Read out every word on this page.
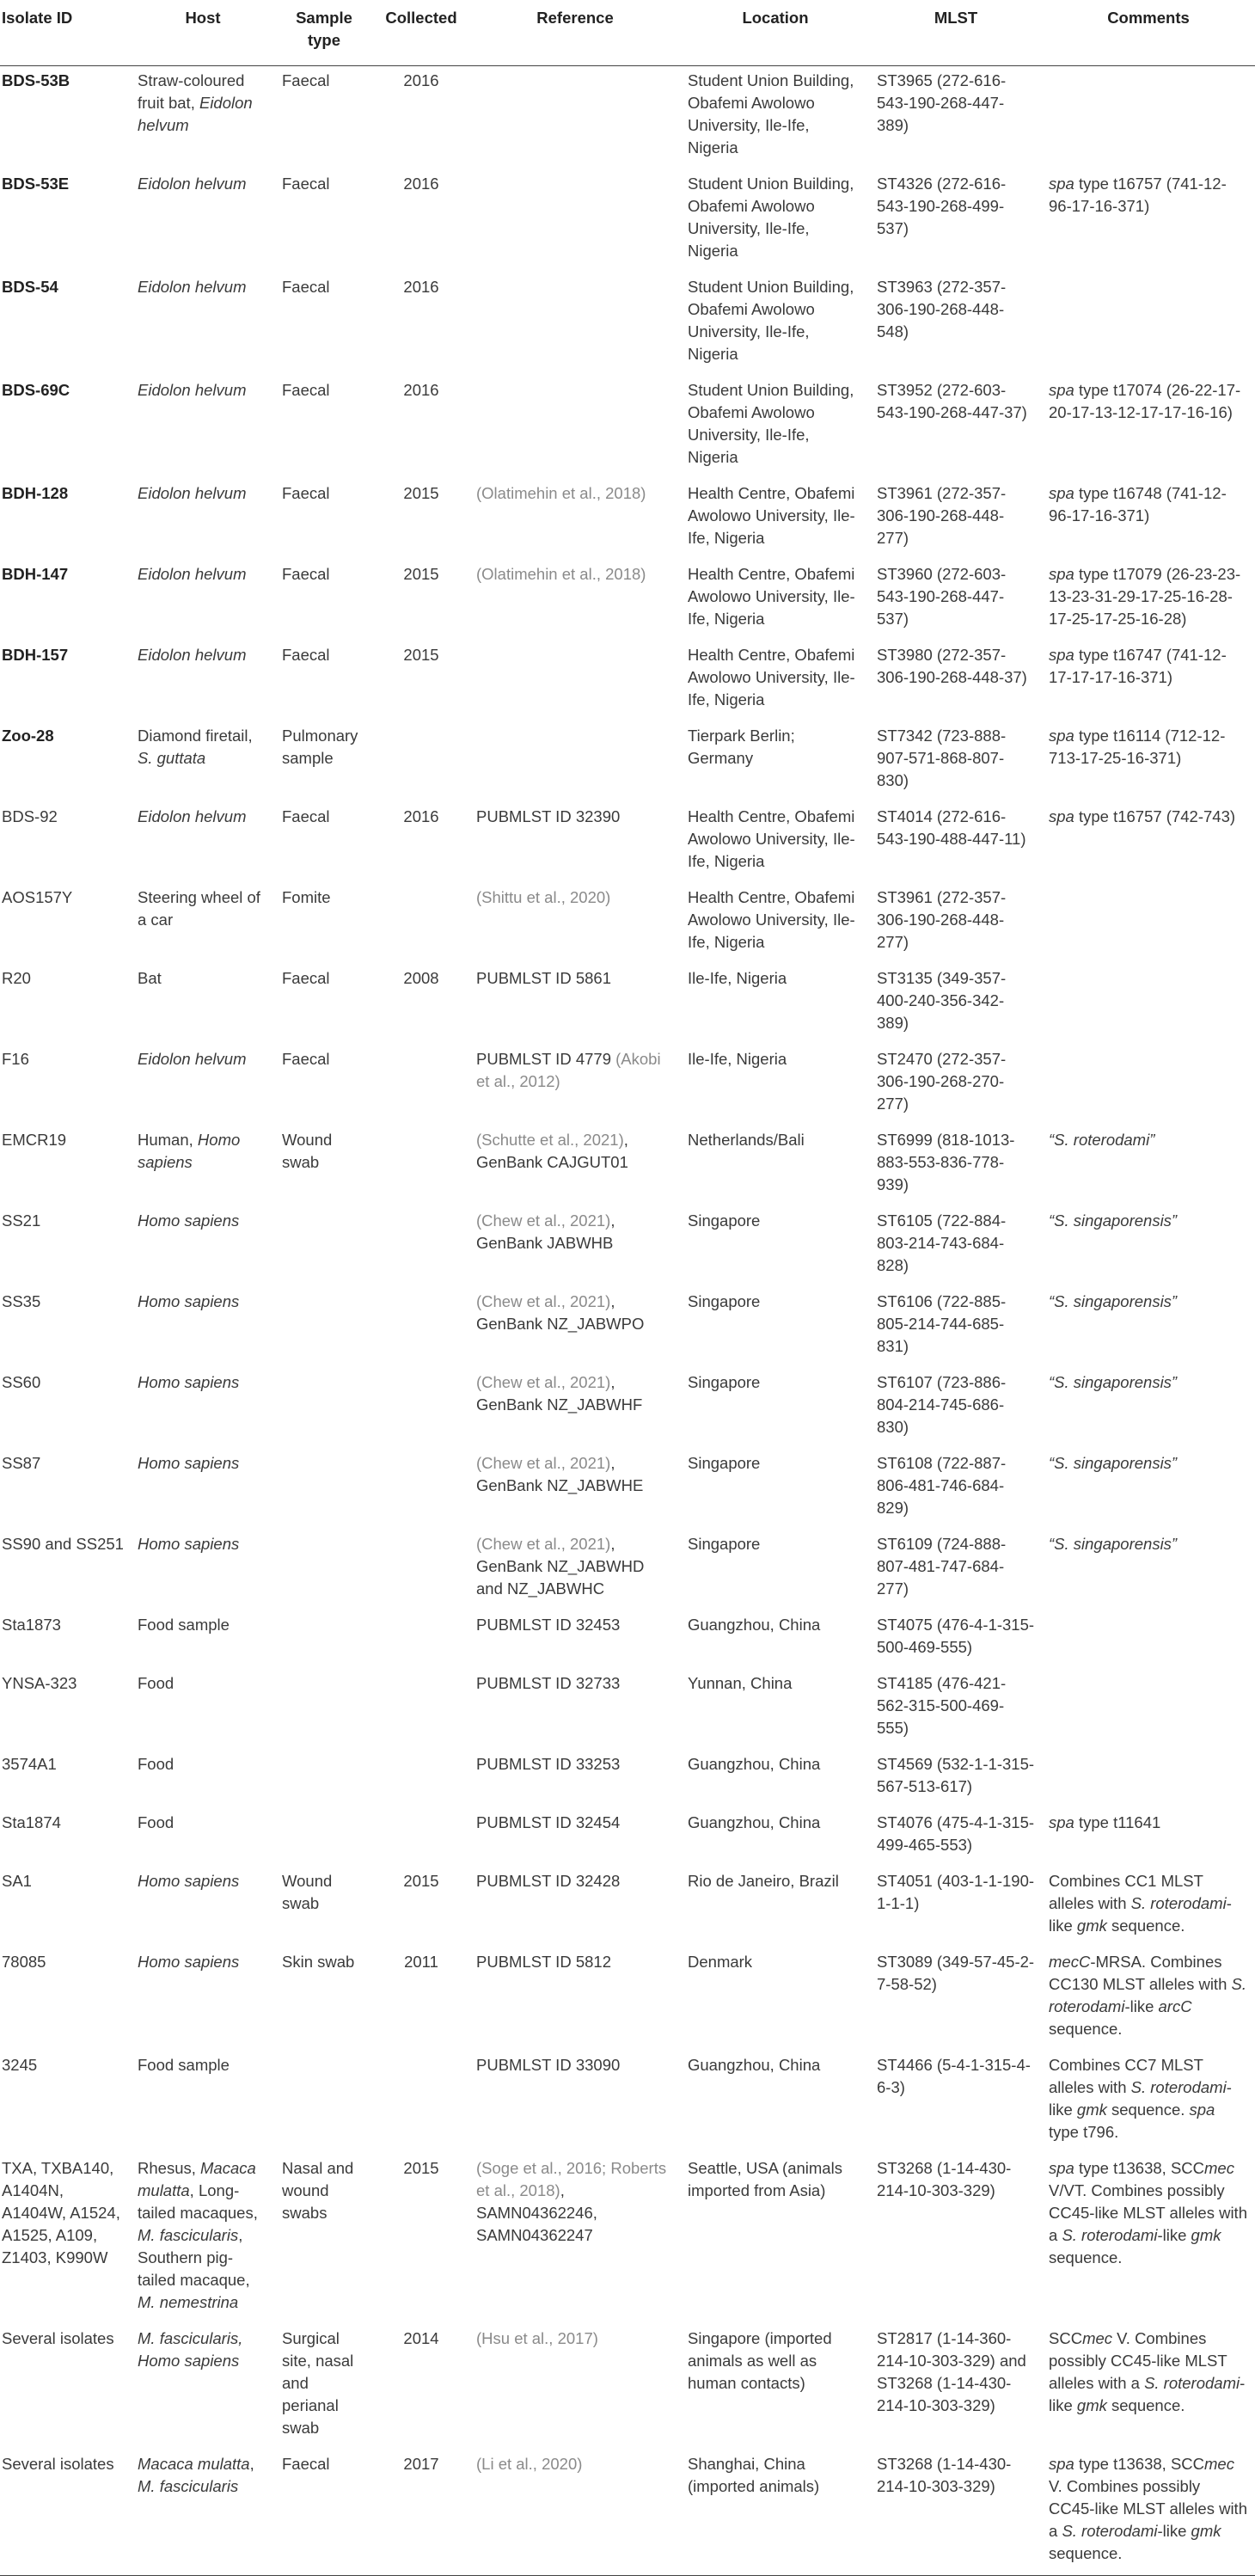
Isolate ID	Host	Sample type	Collected	Reference	Location	MLST	Comments
BDS-53B	Straw-coloured fruit bat, Eidolon helvum	Faecal	2016		Student Union Building, Obafemi Awolowo University, Ile-Ife, Nigeria	ST3965 (272-616-543-190-268-447-389)	
BDS-53E	Eidolon helvum	Faecal	2016		Student Union Building, Obafemi Awolowo University, Ile-Ife, Nigeria	ST4326 (272-616-543-190-268-499-537)	spa type t16757 (741-12-96-17-16-371)
BDS-54	Eidolon helvum	Faecal	2016		Student Union Building, Obafemi Awolowo University, Ile-Ife, Nigeria	ST3963 (272-357-306-190-268-448-548)	
BDS-69C	Eidolon helvum	Faecal	2016		Student Union Building, Obafemi Awolowo University, Ile-Ife, Nigeria	ST3952 (272-603-543-190-268-447-37)	spa type t17074 (26-22-17-20-17-13-12-17-17-16-16)
BDH-128	Eidolon helvum	Faecal	2015	(Olatimehin et al., 2018)	Health Centre, Obafemi Awolowo University, Ile-Ife, Nigeria	ST3961 (272-357-306-190-268-448-277)	spa type t16748 (741-12-96-17-16-371)
BDH-147	Eidolon helvum	Faecal	2015	(Olatimehin et al., 2018)	Health Centre, Obafemi Awolowo University, Ile-Ife, Nigeria	ST3960 (272-603-543-190-268-447-537)	spa type t17079 (26-23-23-13-23-31-29-17-25-16-28-17-25-17-25-16-28)
BDH-157	Eidolon helvum	Faecal	2015		Health Centre, Obafemi Awolowo University, Ile-Ife, Nigeria	ST3980 (272-357-306-190-268-448-37)	spa type t16747 (741-12-17-17-17-16-371)
Zoo-28	Diamond firetail, S. guttata	Pulmonary sample			Tierpark Berlin; Germany	ST7342 (723-888-907-571-868-807-830)	spa type t16114 (712-12-713-17-25-16-371)
BDS-92	Eidolon helvum	Faecal	2016	PUBMLST ID 32390	Health Centre, Obafemi Awolowo University, Ile-Ife, Nigeria	ST4014 (272-616-543-190-488-447-11)	spa type t16757 (742-743)
AOS157Y	Steering wheel of a car	Fomite		(Shittu et al., 2020)	Health Centre, Obafemi Awolowo University, Ile-Ife, Nigeria	ST3961 (272-357-306-190-268-448-277)	
R20	Bat	Faecal	2008	PUBMLST ID 5861	Ile-Ife, Nigeria	ST3135 (349-357-400-240-356-342-389)	
F16	Eidolon helvum	Faecal		PUBMLST ID 4779 (Akobi et al., 2012)	Ile-Ife, Nigeria	ST2470 (272-357-306-190-268-270-277)	
EMCR19	Human, Homo sapiens	Wound swab		(Schutte et al., 2021), GenBank CAJGUT01	Netherlands/Bali	ST6999 (818-1013-883-553-836-778-939)	“S. roterodami”
SS21	Homo sapiens			(Chew et al., 2021), GenBank JABWHB	Singapore	ST6105 (722-884-803-214-743-684-828)	“S. singaporensis”
SS35	Homo sapiens			(Chew et al., 2021), GenBank NZ_JABWPO	Singapore	ST6106 (722-885-805-214-744-685-831)	“S. singaporensis”
SS60	Homo sapiens			(Chew et al., 2021), GenBank NZ_JABWHF	Singapore	ST6107 (723-886-804-214-745-686-830)	“S. singaporensis”
SS87	Homo sapiens			(Chew et al., 2021), GenBank NZ_JABWHE	Singapore	ST6108 (722-887-806-481-746-684-829)	“S. singaporensis”
SS90 and SS251	Homo sapiens			(Chew et al., 2021), GenBank NZ_JABWHD and NZ_JABWHC	Singapore	ST6109 (724-888-807-481-747-684-277)	“S. singaporensis”
Sta1873	Food sample			PUBMLST ID 32453	Guangzhou, China	ST4075 (476-4-1-315-500-469-555)	
YNSA-323	Food			PUBMLST ID 32733	Yunnan, China	ST4185 (476-421-562-315-500-469-555)	
3574A1	Food			PUBMLST ID 33253	Guangzhou, China	ST4569 (532-1-1-315-567-513-617)	
Sta1874	Food			PUBMLST ID 32454	Guangzhou, China	ST4076 (475-4-1-315-499-465-553)	spa type t11641
SA1	Homo sapiens	Wound swab	2015	PUBMLST ID 32428	Rio de Janeiro, Brazil	ST4051 (403-1-1-190-1-1-1)	Combines CC1 MLST alleles with S. roterodami-like gmk sequence.
78085	Homo sapiens	Skin swab	2011	PUBMLST ID 5812	Denmark	ST3089 (349-57-45-2-7-58-52)	mecC-MRSA. Combines CC130 MLST alleles with S. roterodami-like arcC sequence.
3245	Food sample			PUBMLST ID 33090	Guangzhou, China	ST4466 (5-4-1-315-4-6-3)	Combines CC7 MLST alleles with S. roterodami-like gmk sequence. spa type t796.
TXA, TXBA140, A1404N, A1404W, A1524, A1525, A109, Z1403, K990W	Rhesus, Macaca mulatta, Long-tailed macaques, M. fascicularis, Southern pig-tailed macaque, M. nemestrina	Nasal and wound swabs	2015	(Soge et al., 2016; Roberts et al., 2018), SAMN04362246, SAMN04362247	Seattle, USA (animals imported from Asia)	ST3268 (1-14-430-214-10-303-329)	spa type t13638, SCCmec V/VT. Combines possibly CC45-like MLST alleles with a S. roterodami-like gmk sequence.
Several isolates	M. fascicularis, Homo sapiens	Surgical site, nasal and perianal swab	2014	(Hsu et al., 2017)	Singapore (imported animals as well as human contacts)	ST2817 (1-14-360-214-10-303-329) and ST3268 (1-14-430-214-10-303-329)	SCCmec V. Combines possibly CC45-like MLST alleles with a S. roterodami-like gmk sequence.
Several isolates	Macaca mulatta, M. fascicularis	Faecal	2017	(Li et al., 2020)	Shanghai, China (imported animals)	ST3268 (1-14-430-214-10-303-329)	spa type t13638, SCCmec V. Combines possibly CC45-like MLST alleles with a S. roterodami-like gmk sequence.
